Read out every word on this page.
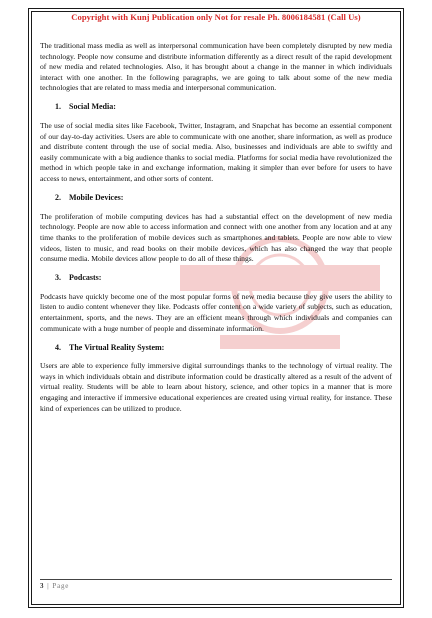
Copyright with Kunj Publication only Not for resale Ph. 8006184581 (Call Us)

The traditional mass media as well as interpersonal communication have been completely disrupted by new media technology. People now consume and distribute information differently as a direct result of the rapid development of new media and related technologies. Also, it has brought about a change in the manner in which individuals interact with one another. In the following paragraphs, we are going to talk about some of the new media technologies that are related to mass media and interpersonal communication.

1. Social Media:

The use of social media sites like Facebook, Twitter, Instagram, and Snapchat has become an essential component of our day-to-day activities. Users are able to communicate with one another, share information, as well as produce and distribute content through the use of social media. Also, businesses and individuals are able to swiftly and easily communicate with a big audience thanks to social media. Platforms for social media have revolutionized the method in which people take in and exchange information, making it simpler than ever before for users to have access to news, entertainment, and other sorts of content.

2. Mobile Devices:

The proliferation of mobile computing devices has had a substantial effect on the development of new media technology. People are now able to access information and connect with one another from any location and at any time thanks to the proliferation of mobile devices such as smartphones and tablets. People are now able to view videos, listen to music, and read books on their mobile devices, which has also changed the way that people consume media. Mobile devices allow people to do all of these things.

3. Podcasts:

Podcasts have quickly become one of the most popular forms of new media because they give users the ability to listen to audio content whenever they like. Podcasts offer content on a wide variety of subjects, such as education, entertainment, sports, and the news. They are an efficient means through which individuals and companies can communicate with a huge number of people and disseminate information.

4. The Virtual Reality System:

Users are able to experience fully immersive digital surroundings thanks to the technology of virtual reality. The ways in which individuals obtain and distribute information could be drastically altered as a result of the advent of virtual reality. Students will be able to learn about history, science, and other topics in a manner that is more engaging and interactive if immersive educational experiences are created using virtual reality, for instance. These kind of experiences can be utilized to produce.

3 | Page
